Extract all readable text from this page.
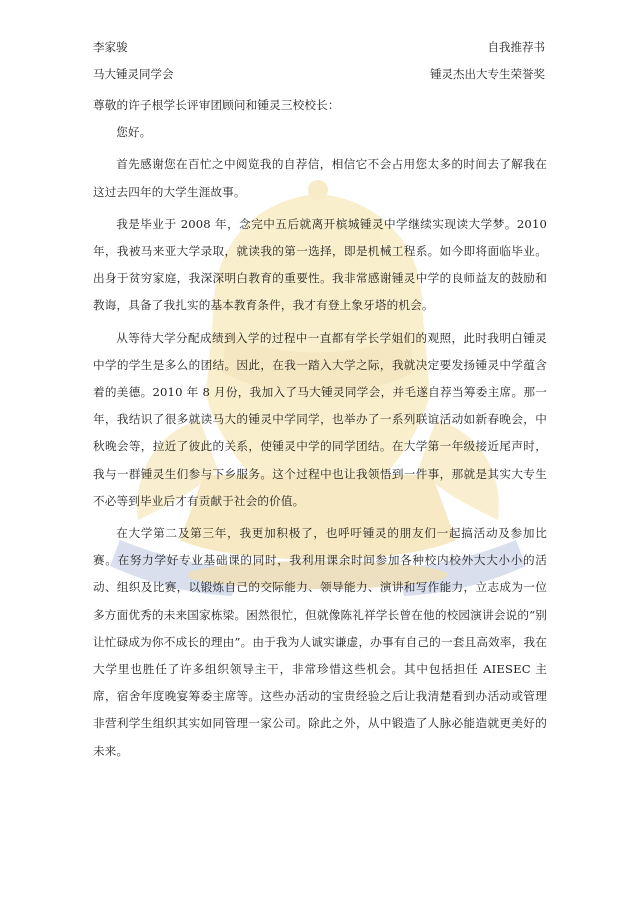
李家骏	自我推荐书
马大锺灵同学会	锺灵杰出大专生荣誉奖

尊敬的许子根学长评审团顾问和锺灵三校校长：

您好。

首先感谢您在百忙之中阅览我的自荐信，相信它不会占用您太多的时间去了解我在这过去四年的大学生涯故事。

我是毕业于 2008 年，念完中五后就离开槟城锺灵中学继续实现读大学梦。2010 年，我被马来亚大学录取，就读我的第一选择，即是机械工程系。如今即将面临毕业。出身于贫穷家庭，我深深明白教育的重要性。我非常感谢锺灵中学的良师益友的鼓励和教诲，具备了我扎实的基本教育条件，我才有登上象牙塔的机会。

从等待大学分配成绩到入学的过程中一直都有学长学姐们的观照，此时我明白锺灵中学的学生是多么的团结。因此，在我一踏入大学之际，我就决定要发扬锺灵中学蕴含着的美德。2010 年 8 月份，我加入了马大锺灵同学会，并毛遂自荐当筹委主席。那一年，我结识了很多就读马大的锺灵中学同学，也举办了一系列联谊活动如新春晚会，中秋晚会等，拉近了彼此的关系，使锺灵中学的同学团结。在大学第一年级接近尾声时，我与一群锺灵生们参与下乡服务。这个过程中也让我领悟到一件事，那就是其实大专生不必等到毕业后才有贡献于社会的价值。

在大学第二及第三年，我更加积极了，也呼吁锺灵的朋友们一起搞活动及参加比赛。在努力学好专业基础课的同时，我利用课余时间参加各种校内校外大大小小的活动、组织及比赛，以锻炼自己的交际能力、领导能力、演讲和写作能力，立志成为一位多方面优秀的未来国家栋梁。困然很忙，但就像陈礼祥学长曾在他的校园演讲会说的“别让忙碌成为你不成长的理由”。由于我为人诚实谦虚，办事有自己的一套且高效率，我在大学里也胜任了许多组织领导主干，非常珍惜这些机会。其中包括担任 AIESEC 主席，宿舍年度晚宴筹委主席等。这些办活动的宝贵经验之后让我清楚看到办活动或管理非营利学生组织其实如同管理一家公司。除此之外，从中锻造了人脉必能造就更美好的未来。
